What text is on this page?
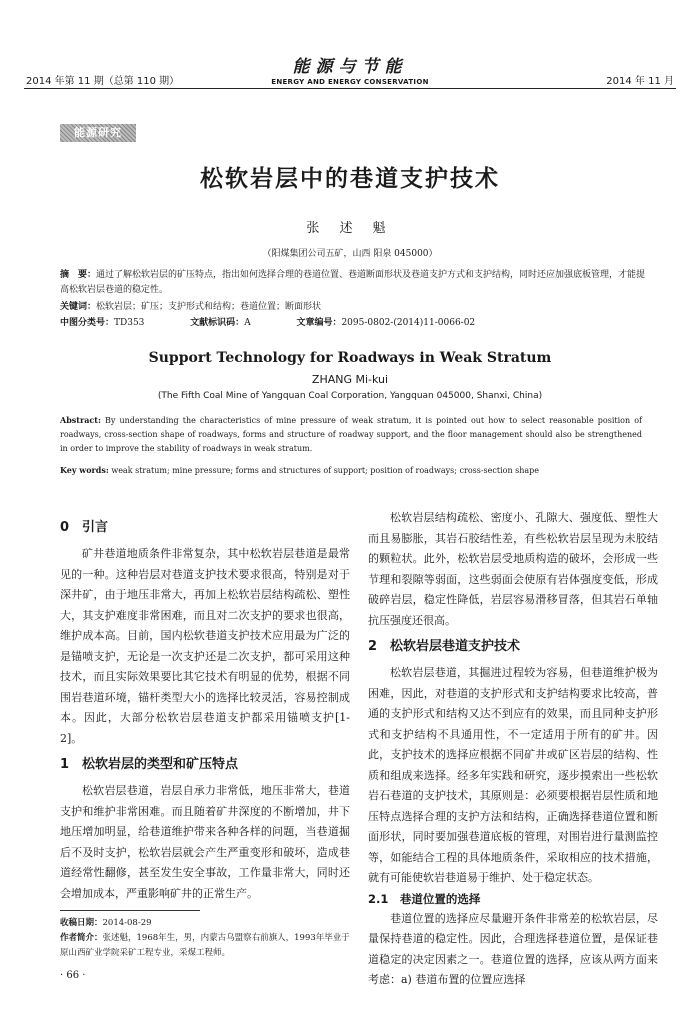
2014 年第 11 期（总第 110 期）
能源与节能
ENERGY AND ENERGY CONSERVATION	2014 年 11 月
能源研究
松软岩层中的巷道支护技术
张 述 魁
（阳煤集团公司五矿，山西 阳泉 045000）
摘　要：通过了解松软岩层的矿压特点，指出如何选择合理的巷道位置、巷道断面形状及巷道支护方式和支护结构，同时还应加强底板管理，才能提高松软岩层巷道的稳定性。
关键词：松软岩层；矿压；支护形式和结构；巷道位置；断面形状
中图分类号：TD353	文献标识码：A	文章编号：2095-0802-(2014)11-0066-02
Support Technology for Roadways in Weak Stratum
ZHANG Mi-kui
(The Fifth Coal Mine of Yangquan Coal Corporation, Yangquan 045000, Shanxi, China)
Abstract: By understanding the characteristics of mine pressure of weak stratum, it is pointed out how to select reasonable position of roadways, cross-section shape of roadways, forms and structure of roadway support, and the floor management should also be strengthened in order to improve the stability of roadways in weak stratum.
Key words: weak stratum; mine pressure; forms and structures of support; position of roadways; cross-section shape
0　引言

矿井巷道地质条件非常复杂，其中松软岩层巷道是最常见的一种。这种岩层对巷道支护技术要求很高，特别是对于深井矿，由于地压非常大，再加上松软岩层结构疏松、塑性大，其支护难度非常困难，而且对二次支护的要求也很高，维护成本高。目前，国内松软巷道支护技术应用最为广泛的是锚喷支护，无论是一次支护还是二次支护，都可采用这种技术，而且实际效果要比其它技术有明显的优势，根据不同围岩巷道环境，锚杆类型大小的选择比较灵活，容易控制成本。因此，大部分松软岩层巷道支护都采用锚喷支护[1-2]。

1　松软岩层的类型和矿压特点

松软岩层巷道，岩层自承力非常低，地压非常大，巷道支护和维护非常困难。而且随着矿井深度的不断增加，井下地压增加明显，给巷道维护带来各种各样的问题，当巷道掘后不及时支护，松软岩层就会产生严重变形和破坏，造成巷道经常性翻修，甚至发生安全事故，工作量非常大，同时还会增加成本，严重影响矿井的正常生产。

松软岩层结构疏松、密度小、孔隙大、强度低、塑性大而且易膨胀，其岩石胶结性差，有些松软岩层呈现为未胶结的颗粒状。此外，松软岩层受地质构造的破坏，会形成一些节理和裂隙等弱面，这些弱面会使原有岩体强度变低，形成破碎岩层，稳定性降低，岩层容易滑移冒落，但其岩石单轴抗压强度还很高。

2　松软岩层巷道支护技术

松软岩层巷道，其掘进过程较为容易，但巷道维护极为困难，因此，对巷道的支护形式和支护结构要求比较高，普通的支护形式和结构又达不到应有的效果，而且同种支护形式和支护结构不具通用性，不一定适用于所有的矿井。因此，支护技术的选择应根据不同矿井或矿区岩层的结构、性质和组成来选择。经多年实践和研究，逐步摸索出一些松软岩石巷道的支护技术，其原则是：必须要根据岩层性质和地压特点选择合理的支护方法和结构，正确选择巷道位置和断面形状，同时要加强巷道底板的管理，对围岩进行量测监控等，如能结合工程的具体地质条件，采取相应的技术措施，就有可能使软岩巷道易于维护、处于稳定状态。

2.1　巷道位置的选择

巷道位置的选择应尽量避开条件非常差的松软岩层，尽量保持巷道的稳定性。因此，合理选择巷道位置，是保证巷道稳定的决定因素之一。巷道位置的选择，应该从两方面来考虑：a) 巷道布置的位置应选择

收稿日期：2014-08-29
作者简介：张述魁，1968年生，男，内蒙古乌盟察右前旗人，1993年毕业于原山西矿业学院采矿工程专业，采煤工程师。
· 66 ·
